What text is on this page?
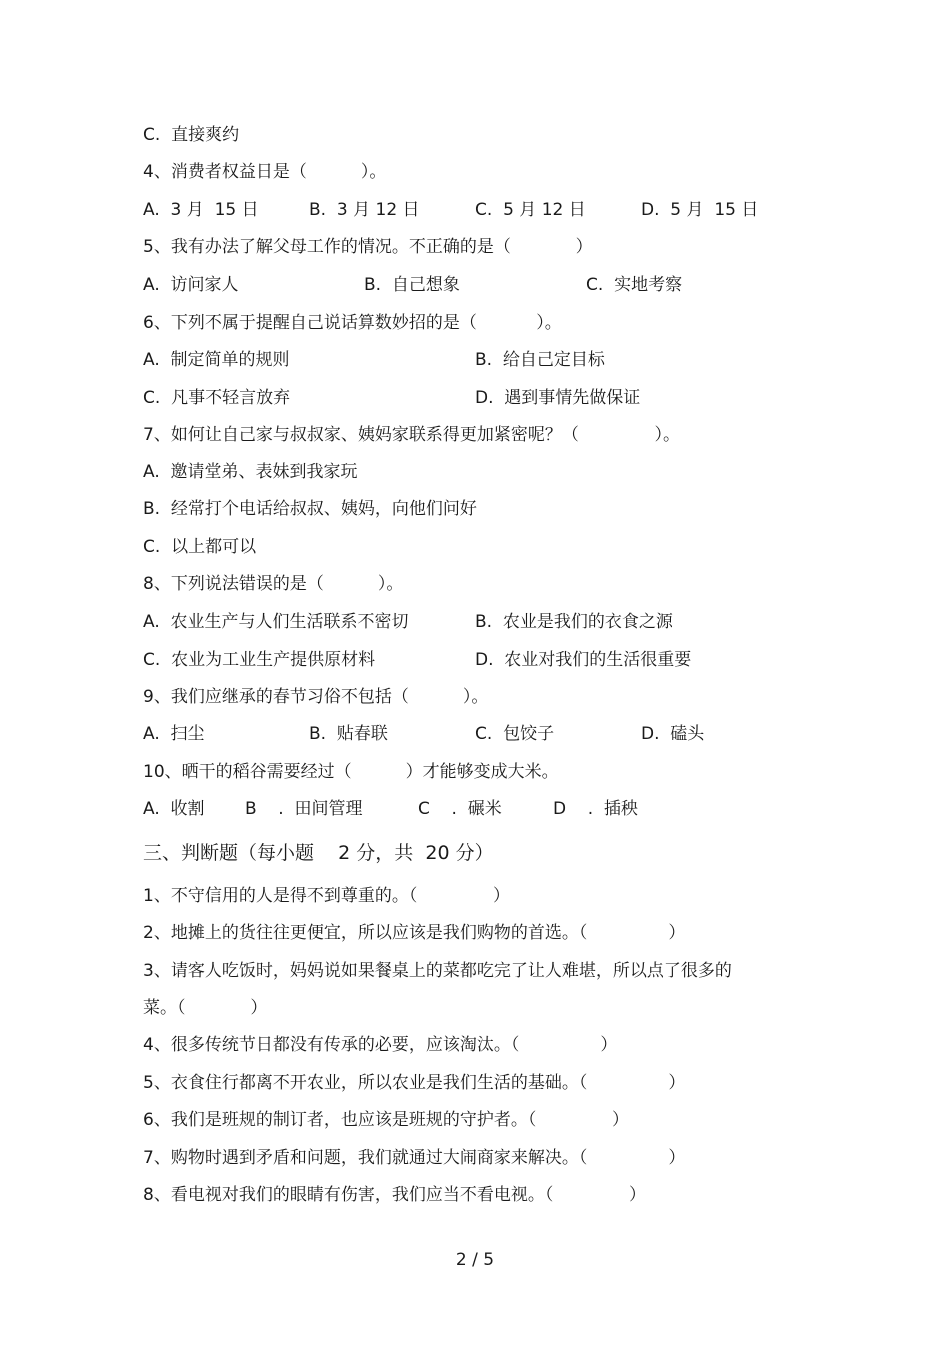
C.  直接爽约
4、消费者权益日是（          ）。
A.  3 月  15 日	B.  3 月 12 日	C.  5 月 12 日	D.  5 月  15 日
5、我有办法了解父母工作的情况。不正确的是（            ）
A.  访问家人	B.  自己想象	C.  实地考察
6、下列不属于提醒自己说话算数妙招的是（           ）。
A.  制定简单的规则	B.  给自己定目标
C.  凡事不轻言放弃	D.  遇到事情先做保证
7、如何让自己家与叔叔家、姨妈家联系得更加紧密呢？（              ）。
A.  邀请堂弟、表妹到我家玩
B.  经常打个电话给叔叔、姨妈，向他们问好
C.  以上都可以
8、下列说法错误的是（          ）。
A.  农业生产与人们生活联系不密切	B.  农业是我们的衣食之源
C.  农业为工业生产提供原材料	D.  农业对我们的生活很重要
9、我们应继承的春节习俗不包括（          ）。
A.  扫尘	B.  贴春联	C.  包饺子	D.  磕头
10、晒干的稻谷需要经过（          ）才能够变成大米。
A.  收割 B    .  田间管理	C    .  碾米	D    .  插秧
三、判断题（每小题    2 分，共  20 分）
1、不守信用的人是得不到尊重的。（              ）
2、地摊上的货往往更便宜，所以应该是我们购物的首选。（               ）
3、请客人吃饭时，妈妈说如果餐桌上的菜都吃完了让人难堪，所以点了很多的
菜。（            ）
4、很多传统节日都没有传承的必要，应该淘汰。（               ）
5、衣食住行都离不开农业，所以农业是我们生活的基础。（               ）
6、我们是班规的制订者，也应该是班规的守护者。（              ）
7、购物时遇到矛盾和问题，我们就通过大闹商家来解决。（               ）
8、看电视对我们的眼睛有伤害，我们应当不看电视。（              ）
2 / 5
